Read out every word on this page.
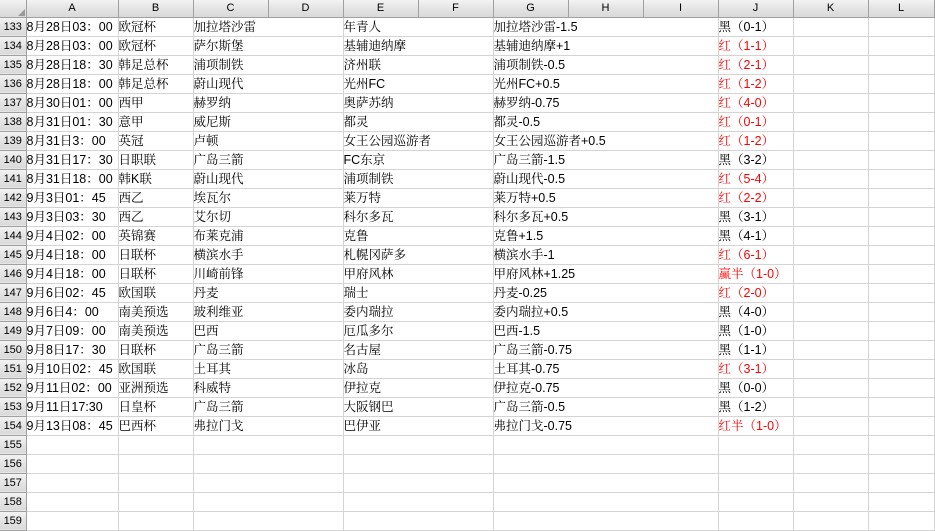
	A	B	C	D	E	F	G	H	I	J	K	L
133	8月28日03：00	欧冠杯	加拉塔沙雷		年青人		加拉塔沙雷-1.5			黑（0-1）		
134	8月28日03：00	欧冠杯	萨尔斯堡		基辅迪纳摩		基辅迪纳摩+1			红（1-1）		
135	8月28日18：30	韩足总杯	浦项制铁		济州联		浦项制铁-0.5			红（2-1）		
136	8月28日18：00	韩足总杯	蔚山现代		光州FC		光州FC+0.5			红（1-2）		
137	8月30日01：00	西甲	赫罗纳		奥萨苏纳		赫罗纳-0.75			红（4-0）		
138	8月31日01：30	意甲	威尼斯		都灵		都灵-0.5			红（0-1）		
139	8月31日3：00	英冠	卢顿		女王公园巡游者		女王公园巡游者+0.5			红（1-2）		
140	8月31日17：30	日职联	广岛三箭		FC东京		广岛三箭-1.5			黑（3-2）		
141	8月31日18：00	韩K联	蔚山现代		浦项制铁		蔚山现代-0.5			红（5-4）		
142	9月3日01：45	西乙	埃瓦尔		莱万特		莱万特+0.5			红（2-2）		
143	9月3日03：30	西乙	艾尔切		科尔多瓦		科尔多瓦+0.5			黑（3-1）		
144	9月4日02：00	英锦赛	布莱克浦		克鲁		克鲁+1.5			黑（4-1）		
145	9月4日18：00	日联杯	横滨水手		札幌冈萨多		横滨水手-1			红（6-1）		
146	9月4日18：00	日联杯	川崎前锋		甲府风林		甲府风林+1.25			赢半（1-0）		
147	9月6日02：45	欧国联	丹麦		瑞士		丹麦-0.25			红（2-0）		
148	9月6日4：00	南美预选	玻利维亚		委内瑞拉		委内瑞拉+0.5			黑（4-0）		
149	9月7日09：00	南美预选	巴西		厄瓜多尔		巴西-1.5			黑（1-0）		
150	9月8日17：30	日联杯	广岛三箭		名古屋		广岛三箭-0.75			黑（1-1）		
151	9月10日02：45	欧国联	土耳其		冰岛		土耳其-0.75			红（3-1）		
152	9月11日02：00	亚洲预选	科威特		伊拉克		伊拉克-0.75			黑（0-0）		
153	9月11日17:30	日皇杯	广岛三箭		大阪钢巴		广岛三箭-0.5			黑（1-2）		
154	9月13日08：45	巴西杯	弗拉门戈		巴伊亚		弗拉门戈-0.75			红半（1-0）		
155												
156												
157												
158												
159												
